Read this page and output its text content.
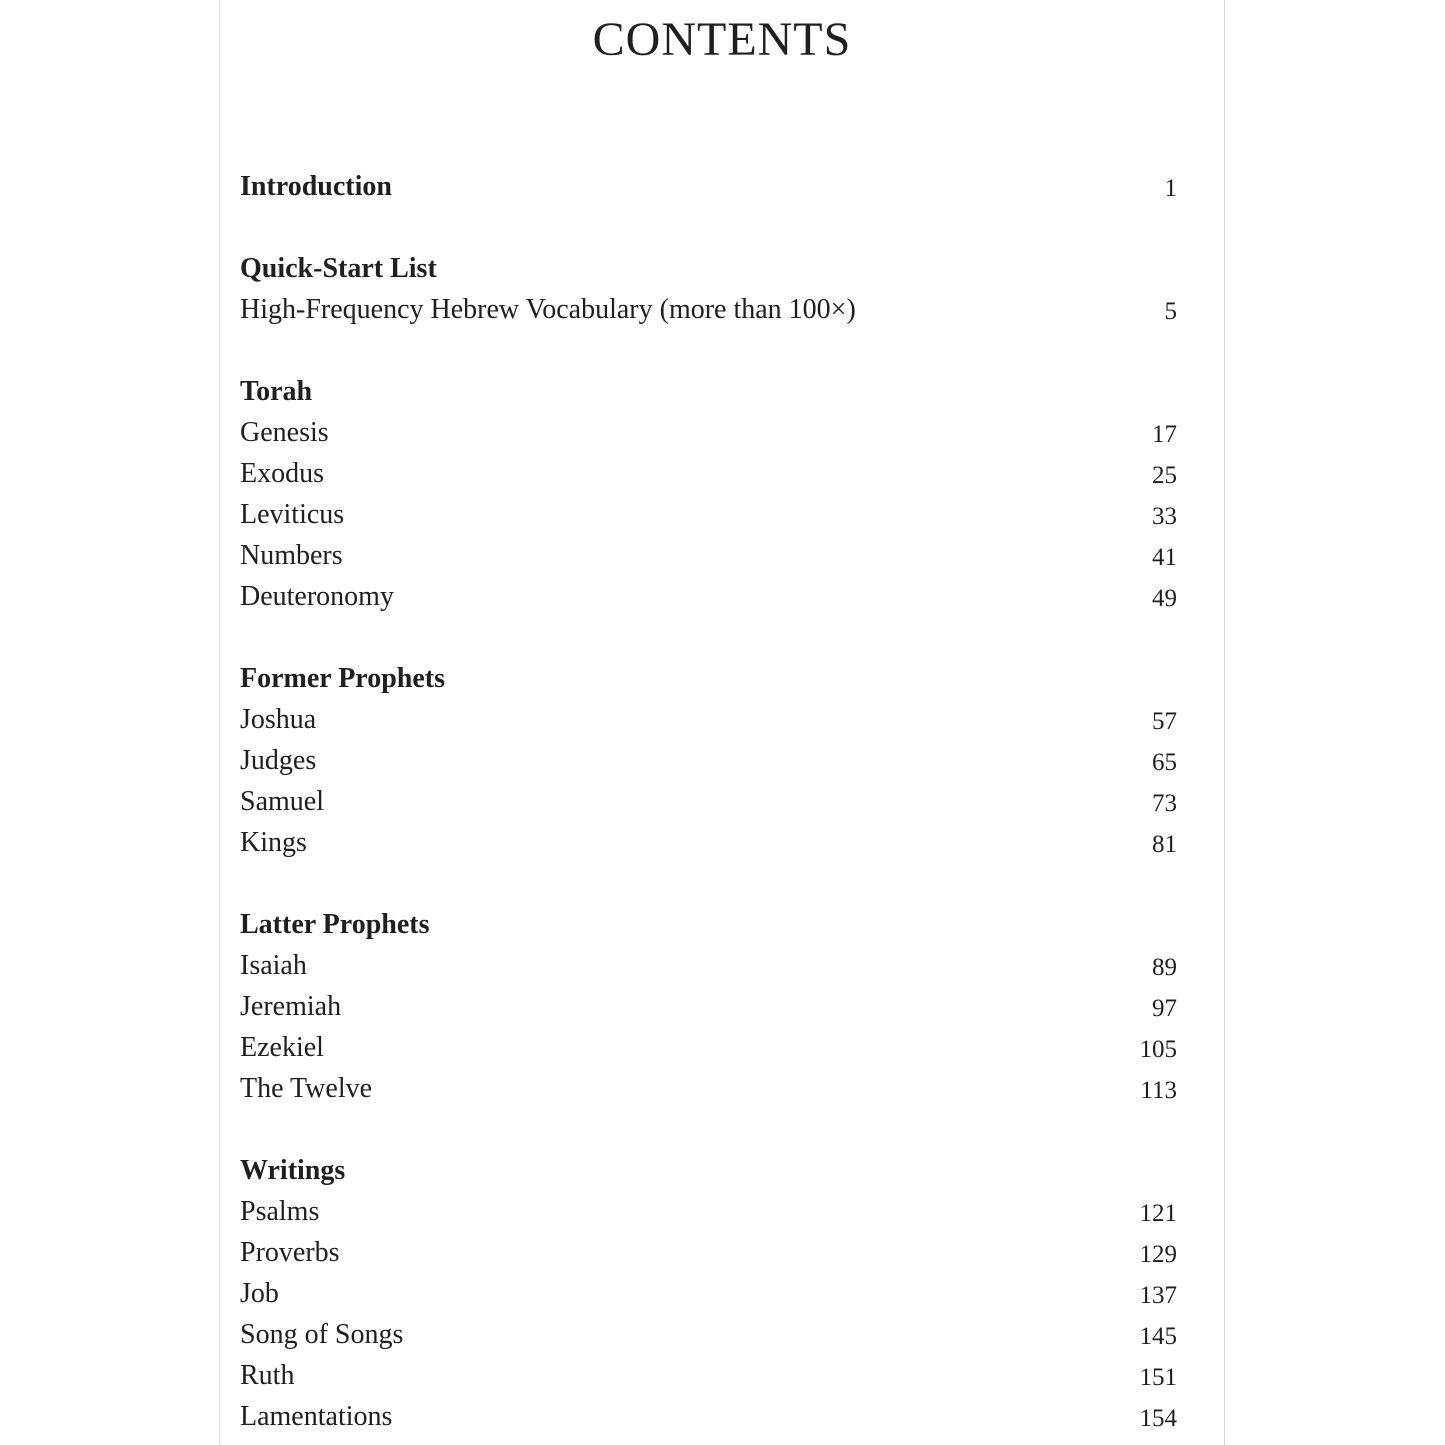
CONTENTS
Introduction	1
Quick-Start List
High-Frequency Hebrew Vocabulary (more than 100×)	5
Torah
Genesis	17
Exodus	25
Leviticus	33
Numbers	41
Deuteronomy	49
Former Prophets
Joshua	57
Judges	65
Samuel	73
Kings	81
Latter Prophets
Isaiah	89
Jeremiah	97
Ezekiel	105
The Twelve	113
Writings
Psalms	121
Proverbs	129
Job	137
Song of Songs	145
Ruth	151
Lamentations	154
